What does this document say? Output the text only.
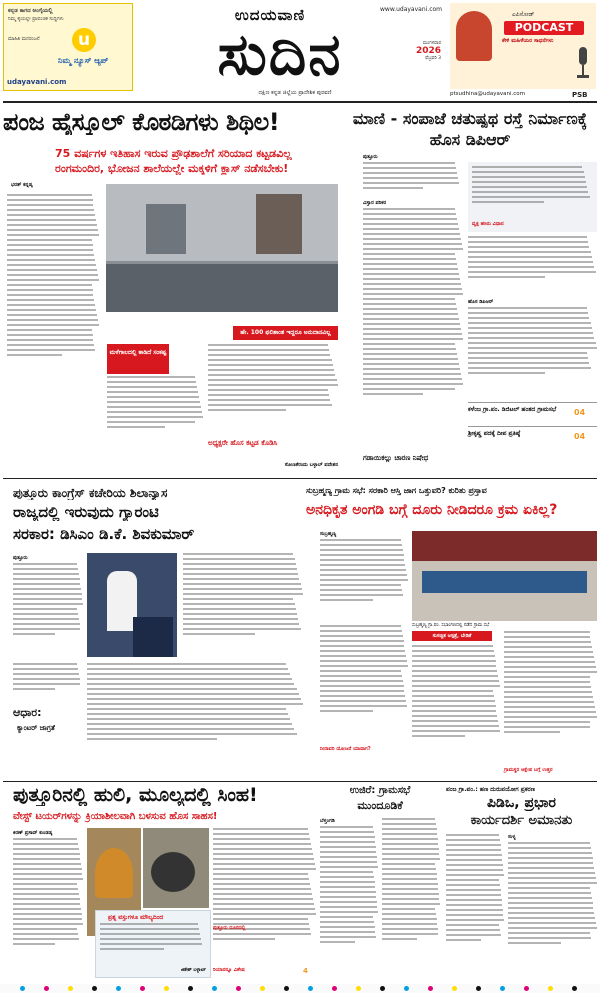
u
ಕನ್ನಡ ಕಾಗದ ಅಂಗೈಯಲ್ಲಿ
ನಿಮ್ಮ ಕೈಯಲ್ಲೇ ಪ್ರಾಪಂಚಿಕ ಸುದ್ದಿಗಳು
ಮಾಹಿತಿ ಮನರಂಜನೆ
ನಿಮ್ಮ ನ್ಯೂಸ್ ಆ್ಯಪ್
udayavani.com
ಉದಯವಾಣಿ	www.udayavani.com
ಸುದಿನ
ದಕ್ಷಿಣ ಕನ್ನಡ ಜಿಲ್ಲೆಯ ಪ್ರಾದೇಶಿಕ ಪುರವಣಿ
ಮಂಗಳವಾರ
2026
ಫೆಬ್ರವರಿ 3
ಎಪಿಸೋಡ್
PODCAST
ಕೇಳಿ ಮಹಿಳೆಯರ ಸಾಧನೆಗಳು
ptsudhina@udayavani.com	PSB
ಪಂಜ ಹೈಸ್ಕೂಲ್ ಕೊಠಡಿಗಳು ಶಿಥಿಲ!
75 ವರ್ಷಗಳ ಇತಿಹಾಸ ಇರುವ ಪ್ರೌಢಶಾಲೆಗೆ ಸರಿಯಾದ ಕಟ್ಟಡವಿಲ್ಲ
ರಂಗಮಂದಿರ, ಭೋಜನ ಶಾಲೆಯಲ್ಲೇ ಮಕ್ಕಳಿಗೆ ಕ್ಲಾಸ್ ನಡೆಸಬೇಕು!
ಭರತ್ ಕನ್ನಡ್ಕ
ಹೇ. 100 ಫಲಿತಾಂಶ ಇದ್ದರೂ ಅನುದಾನವಿಲ್ಲ
ಮಳೆಗಾಲದಲ್ಲಿ ಕಾಡಿದೆ ಸಂಕಷ್ಟ
ಅಧ್ಯಕ್ಷರೇ ಹೊಸ ಕಟ್ಟಡ ಕೊಡಿಸಿ
ಸೋಣಕೆರಂದು ಬಳ್ಳಾಲ್ ಪದೇಶನ
ಮಾಣಿ - ಸಂಪಾಜೆ ಚತುಷ್ಪಥ ರಸ್ತೆ ನಿರ್ಮಾಣಕ್ಕೆ ಹೊಸ ಡಿಪಿಆರ್
ಪುತ್ತೂರು
ವಿಸ್ತಾರ ಪರಿಕರ
ವೃಕ್ಷ ಹಸಿರು ವಿಧಾನ
ಹೊಸ ಡಿಪಿಆರ್
ಕಳೆಂಜ ಗ್ರಾ.ಪಂ. ಡಿಜಿಟಲ್ ಹಂತದ ಗ್ರಾಮಸಭೆ	04
ಶ್ರೀಕೃಷ್ಣ ಪದಕ್ಕೆ ದೀಪ ಪ್ರತಿಷ್ಠೆ	04
ಗಡಾಯಿಕಲ್ಲು ಚಾರಣ ನಿಷೇಧ
ಪುತ್ತೂರು ಕಾಂಗ್ರೆಸ್ ಕಚೇರಿಯ ಶಿಲಾನ್ಯಾಸ
ರಾಜ್ಯದಲ್ಲಿ ಇರುವುದು ಗ್ಯಾರಂಟಿ
ಸರಕಾರ: ಡಿಸಿಎಂ ಡಿ.ಕೆ. ಶಿವಕುಮಾರ್
ಪುತ್ತೂರು
ಆಧಾರ:
ಕ್ಯಾಂಟರ್ ಜಾಗ್ರತೆ
ಸುಬ್ರಹ್ಮಣ್ಯ ಗ್ರಾಮ ಸಭೆ: ಸರಕಾರಿ ಆಸ್ತಿ ಜಾಗ ಒತ್ತುವರಿ? ಕುರಿತು ಪ್ರಸ್ತಾವ
ಅನಧಿಕೃತ ಅಂಗಡಿ ಬಗ್ಗೆ ದೂರು ನೀಡಿದರೂ ಕ್ರಮ ಏಕಿಲ್ಲ?
ಸುಬ್ರಹ್ಮಣ್ಯ
ಸುಬ್ರಹ್ಮಣ್ಯ ಗ್ರಾ.ಪಂ. ಸಭಾಂಗಣದಲ್ಲಿ ನಡೆದ ಗ್ರಾಮ ಸಭೆ
ಸುಸಜ್ಜಿತ ಆಸ್ಪತ್ರೆ, ಬೇಡಿಕೆ
ನೀರಾವರಿ ಯೋಜನೆ ಯಾವಾಗ?
ಗ್ರಾಮಸ್ಥರ ಆಕ್ಷೇಪ ಬಗ್ಗೆ ಉತ್ತರ
ಪುತ್ತೂರಿನಲ್ಲಿ ಹುಲಿ, ಮೂಲ್ಯದಲ್ಲಿ ಸಿಂಹ!
ವೇಸ್ಟ್ ಟಯರ್‌ಗಳನ್ನು ಕ್ರಿಯಾಶೀಲವಾಗಿ ಬಳಸುವ ಹೊಸ ಸಾಹಸ!
ಕಿರಣ್ ಪ್ರಸಾದ್ ಕುಂಡಡ್ಕ
ಪ್ರಶ್ನ ವಸ್ತುಗಳೂ ಮೌಲ್ಯದಿಂದ
ಜಿತೇಶ್ ಬಳ್ಳಾರ್ಟಿ
ಪುತ್ತೂರು ದೂರದಲ್ಲಿ
ರಿಯಾರನ್ನೂ ವಿಶೇಷ	4
ಉಜಿರೆ: ಗ್ರಾಮಸಭೆ
ಮುಂದೂಡಿಕೆ
ಬೆಳ್ತಂಗಡಿ
ಪಂಜ ಗ್ರಾ.ಪಂ.: ಹಣ ದುರುಪಯೋಗ ಪ್ರಕರಣ
ಪಿಡಿಒ, ಪ್ರಭಾರ
ಕಾರ್ಯದರ್ಶಿ ಅಮಾನತು
ಸುಳ್ಯ
